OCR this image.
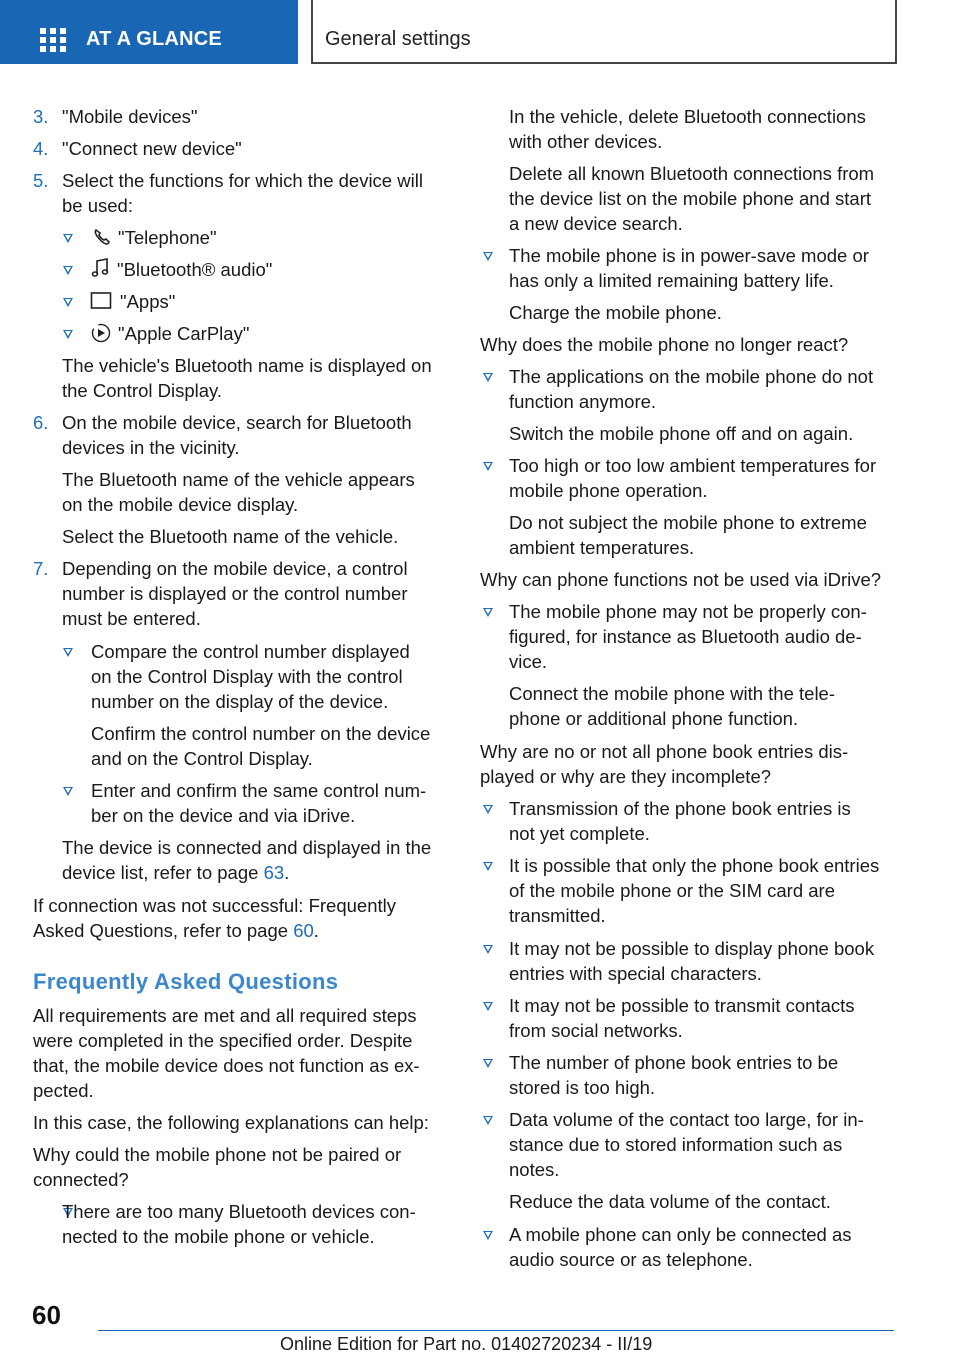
AT A GLANCE	General settings
3. "Mobile devices"
4. "Connect new device"
5. Select the functions for which the device will
be used:
"Telephone"
"Bluetooth® audio"
"Apps"
"Apple CarPlay"
The vehicle's Bluetooth name is displayed on
the Control Display.
6. On the mobile device, search for Bluetooth
devices in the vicinity.
The Bluetooth name of the vehicle appears
on the mobile device display.
Select the Bluetooth name of the vehicle.
7. Depending on the mobile device, a control
number is displayed or the control number
must be entered.
Compare the control number displayed
on the Control Display with the control
number on the display of the device.
Confirm the control number on the device
and on the Control Display.
Enter and confirm the same control num-
ber on the device and via iDrive.
The device is connected and displayed in the
device list, refer to page 63.
If connection was not successful: Frequently
Asked Questions, refer to page 60.
Frequently Asked Questions
All requirements are met and all required steps
were completed in the specified order. Despite
that, the mobile device does not function as ex-
pected.
In this case, the following explanations can help:
Why could the mobile phone not be paired or
connected?
There are too many Bluetooth devices con-
nected to the mobile phone or vehicle.
In the vehicle, delete Bluetooth connections
with other devices.
Delete all known Bluetooth connections from
the device list on the mobile phone and start
a new device search.
The mobile phone is in power-save mode or
has only a limited remaining battery life.
Charge the mobile phone.
Why does the mobile phone no longer react?
The applications on the mobile phone do not
function anymore.
Switch the mobile phone off and on again.
Too high or too low ambient temperatures for
mobile phone operation.
Do not subject the mobile phone to extreme
ambient temperatures.
Why can phone functions not be used via iDrive?
The mobile phone may not be properly con-
figured, for instance as Bluetooth audio de-
vice.
Connect the mobile phone with the tele-
phone or additional phone function.
Why are no or not all phone book entries dis-
played or why are they incomplete?
Transmission of the phone book entries is
not yet complete.
It is possible that only the phone book entries
of the mobile phone or the SIM card are
transmitted.
It may not be possible to display phone book
entries with special characters.
It may not be possible to transmit contacts
from social networks.
The number of phone book entries to be
stored is too high.
Data volume of the contact too large, for in-
stance due to stored information such as
notes.
Reduce the data volume of the contact.
A mobile phone can only be connected as
audio source or as telephone.
60
Online Edition for Part no. 01402720234 - II/19
